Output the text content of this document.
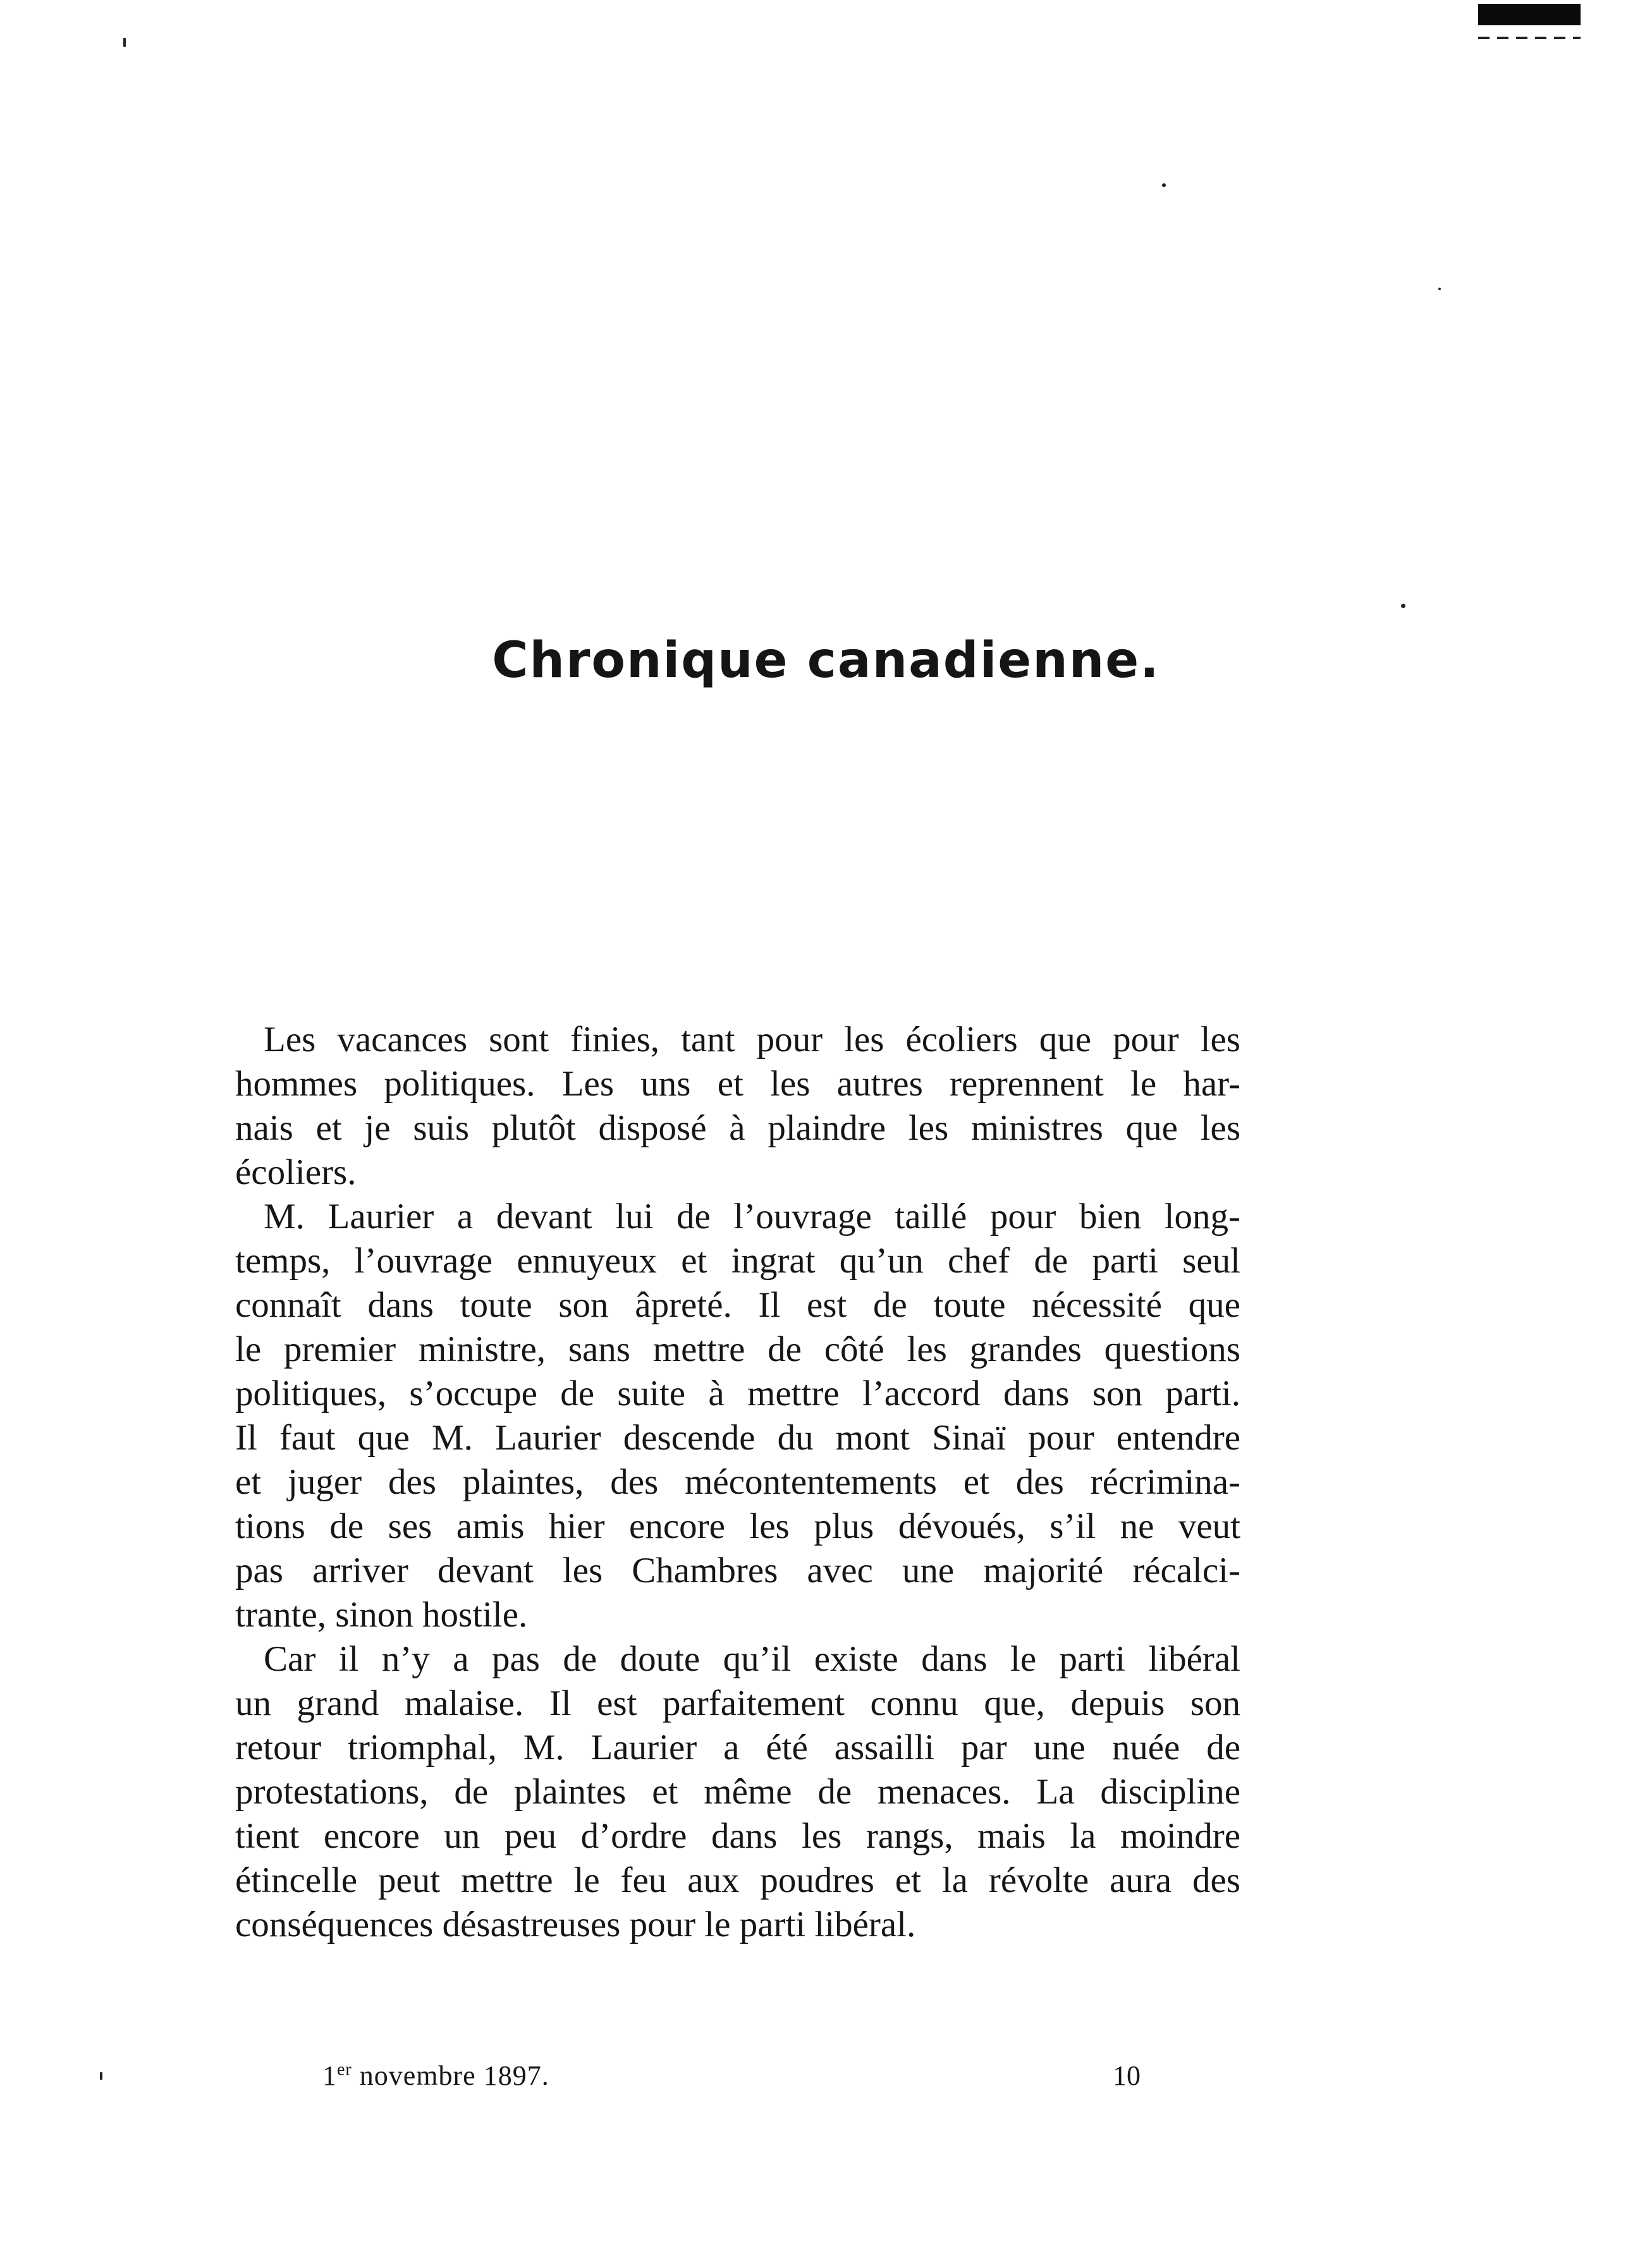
Chronique canadienne.
Les vacances sont finies, tant pour les écoliers que pour les
hommes politiques. Les uns et les autres reprennent le har-
nais et je suis plutôt disposé à plaindre les ministres que les
écoliers.
M. Laurier a devant lui de l’ouvrage taillé pour bien long-
temps, l’ouvrage ennuyeux et ingrat qu’un chef de parti seul
connaît dans toute son âpreté. Il est de toute nécessité que
le premier ministre, sans mettre de côté les grandes questions
politiques, s’occupe de suite à mettre l’accord dans son parti.
Il faut que M. Laurier descende du mont Sinaï pour entendre
et juger des plaintes, des mécontentements et des récrimina-
tions de ses amis hier encore les plus dévoués, s’il ne veut
pas arriver devant les Chambres avec une majorité récalci-
trante, sinon hostile.
Car il n’y a pas de doute qu’il existe dans le parti libéral
un grand malaise. Il est parfaitement connu que, depuis son
retour triomphal, M. Laurier a été assailli par une nuée de
protestations, de plaintes et même de menaces. La discipline
tient encore un peu d’ordre dans les rangs, mais la moindre
étincelle peut mettre le feu aux poudres et la révolte aura des
conséquences désastreuses pour le parti libéral.
1er novembre 1897.	10
